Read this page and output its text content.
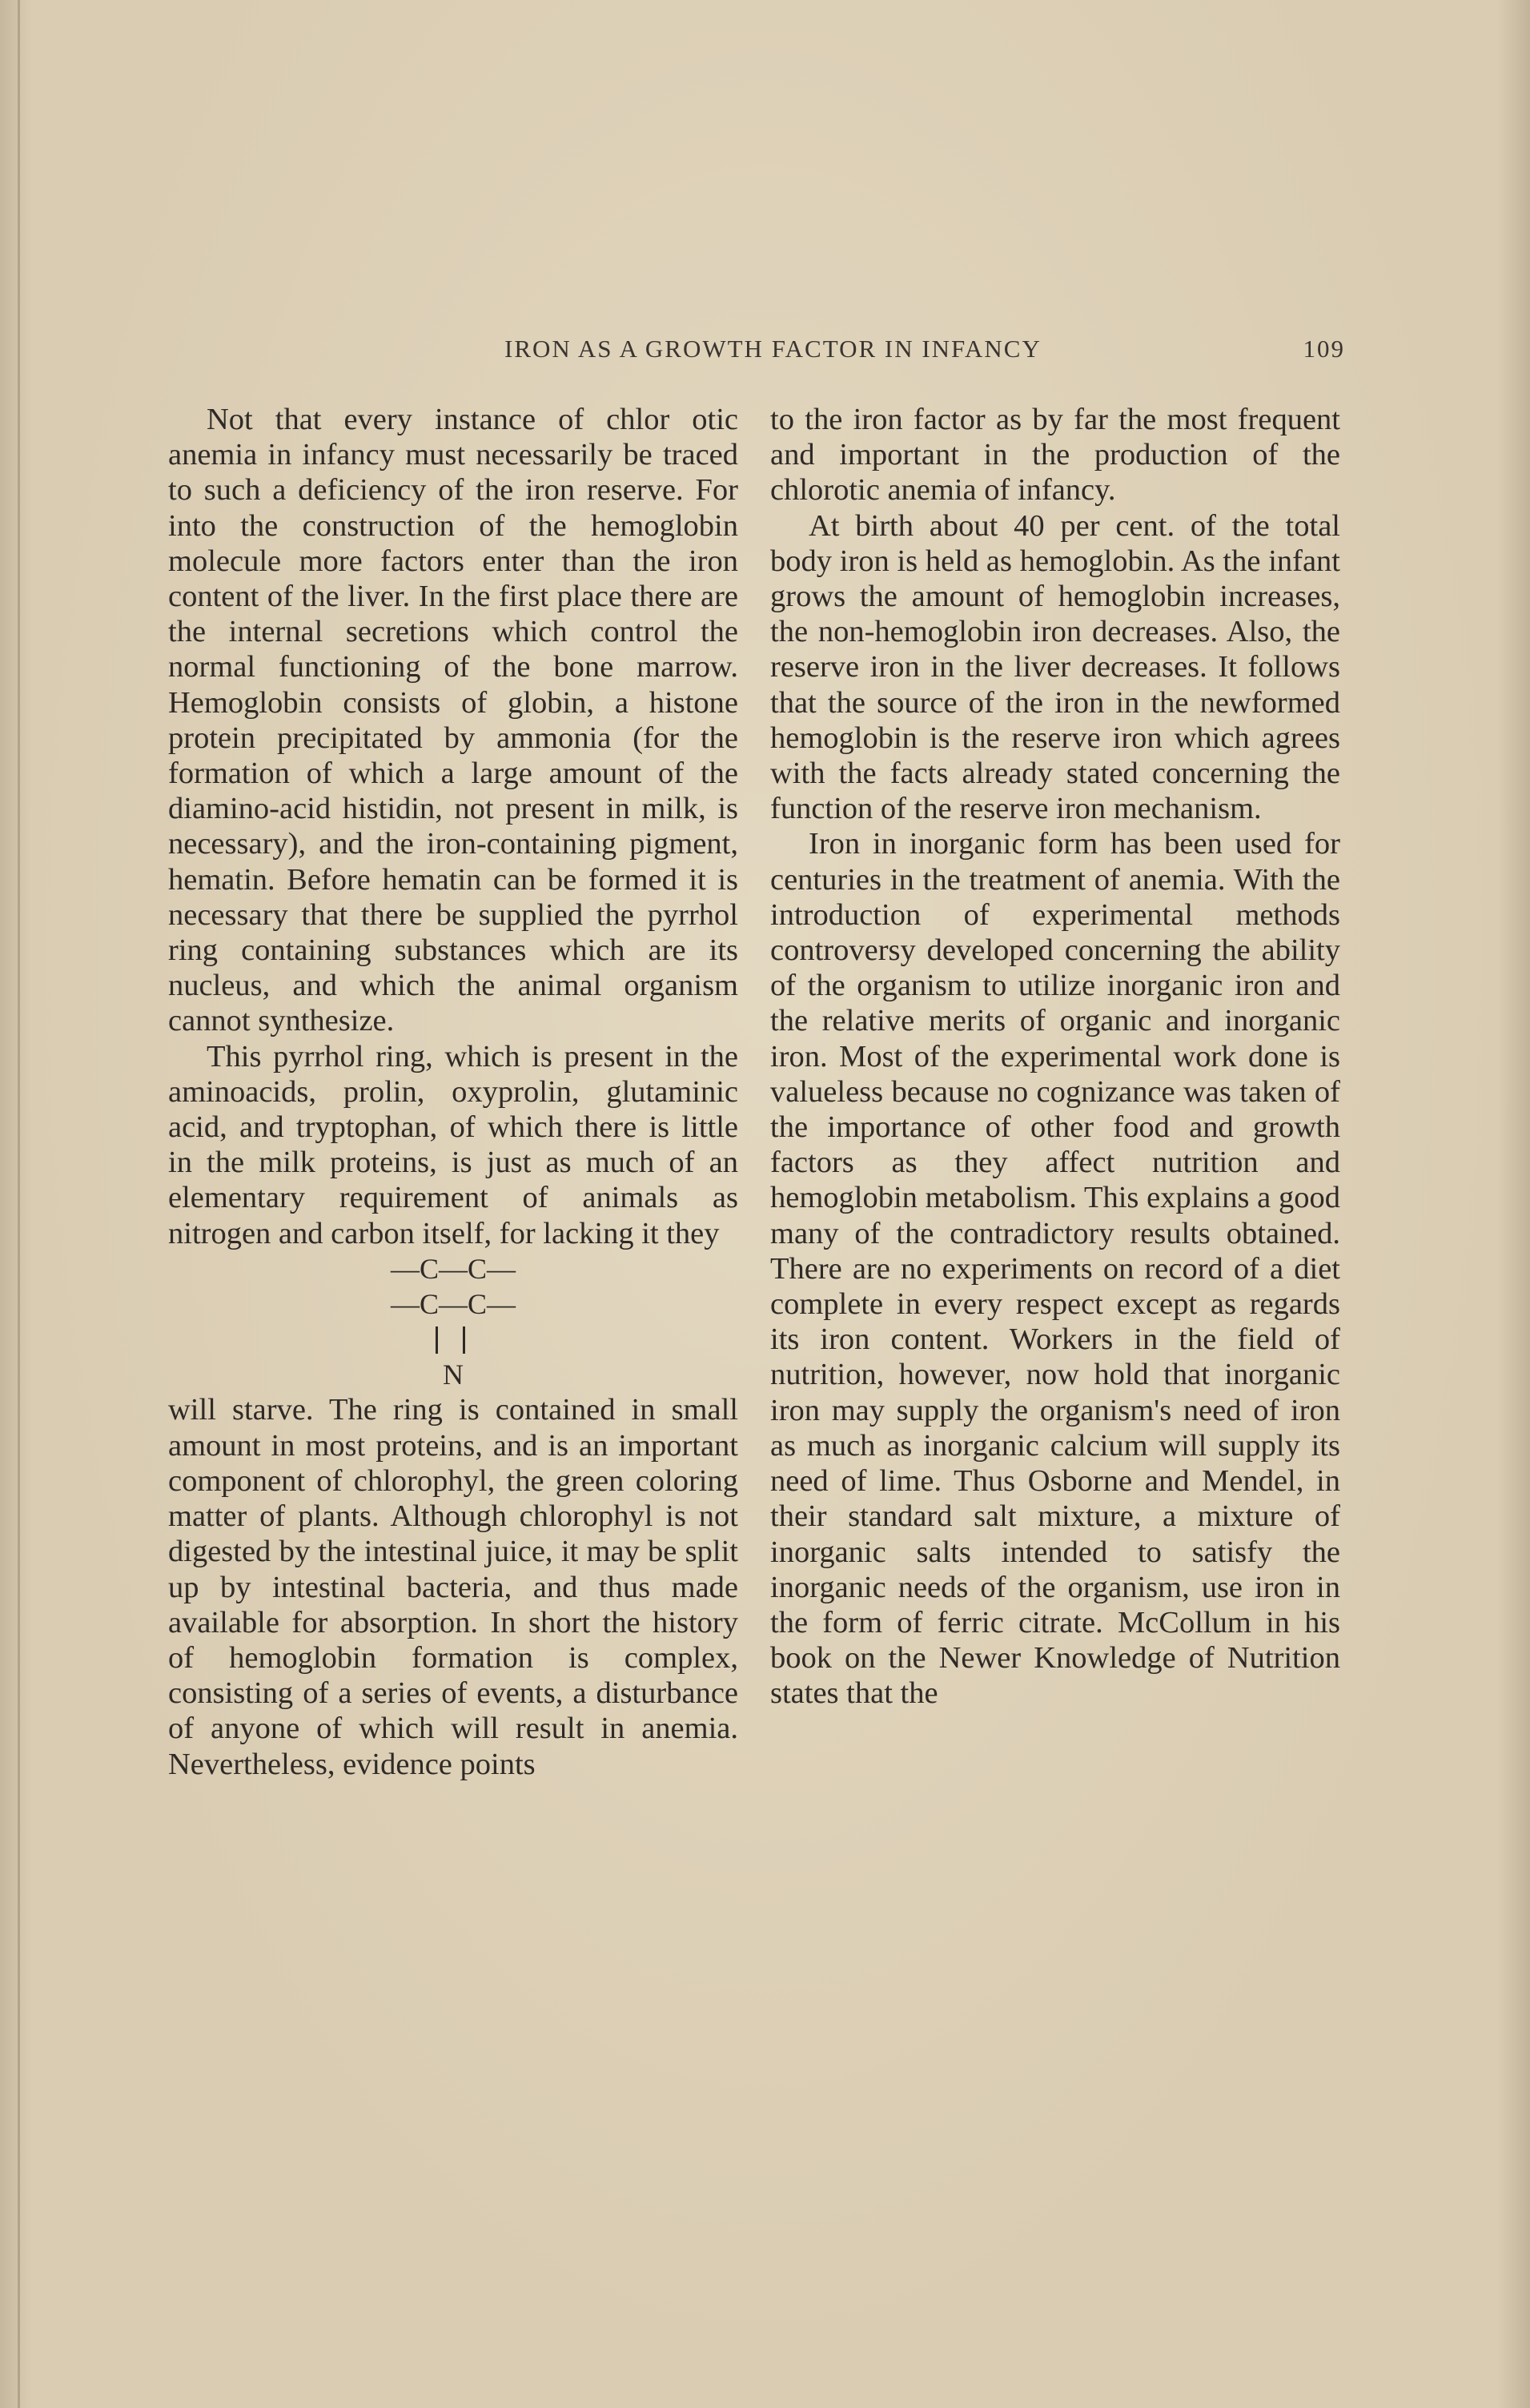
IRON AS A GROWTH FACTOR IN INFANCY	109

Not that every instance of chlor otic anemia in infancy must necessarily be traced to such a deficiency of the iron reserve. For into the construction of the hemoglobin molecule more factors enter than the iron content of the liver. In the first place there are the internal secretions which control the normal functioning of the bone marrow. Hemoglobin consists of globin, a histone protein precipitated by ammonia (for the formation of which a large amount of the diamino-acid histidin, not present in milk, is necessary), and the iron-containing pigment, hematin. Before hematin can be formed it is necessary that there be supplied the pyrrhol ring containing substances which are its nucleus, and which the animal organism cannot synthesize.

This pyrrhol ring, which is present in the aminoacids, prolin, oxyprolin, glutaminic acid, and tryptophan, of which there is little in the milk proteins, is just as much of an elementary requirement of animals as nitrogen and carbon itself, for lacking it they

—C—C—
—C—C—
N

will starve. The ring is contained in small amount in most proteins, and is an important component of chlorophyl, the green coloring matter of plants. Although chlorophyl is not digested by the intestinal juice, it may be split up by intestinal bacteria, and thus made available for absorption. In short the history of hemoglobin formation is complex, consisting of a series of events, a disturbance of anyone of which will result in anemia. Nevertheless, evidence points

to the iron factor as by far the most frequent and important in the production of the chlorotic anemia of infancy.

At birth about 40 per cent. of the total body iron is held as hemoglobin. As the infant grows the amount of hemoglobin increases, the non-hemoglobin iron decreases. Also, the reserve iron in the liver decreases. It follows that the source of the iron in the newformed hemoglobin is the reserve iron which agrees with the facts already stated concerning the function of the reserve iron mechanism.

Iron in inorganic form has been used for centuries in the treatment of anemia. With the introduction of experimental methods controversy developed concerning the ability of the organism to utilize inorganic iron and the relative merits of organic and inorganic iron. Most of the experimental work done is valueless because no cognizance was taken of the importance of other food and growth factors as they affect nutrition and hemoglobin metabolism. This explains a good many of the contradictory results obtained. There are no experiments on record of a diet complete in every respect except as regards its iron content. Workers in the field of nutrition, however, now hold that inorganic iron may supply the organism's need of iron as much as inorganic calcium will supply its need of lime. Thus Osborne and Mendel, in their standard salt mixture, a mixture of inorganic salts intended to satisfy the inorganic needs of the organism, use iron in the form of ferric citrate. McCollum in his book on the Newer Knowledge of Nutrition states that the
